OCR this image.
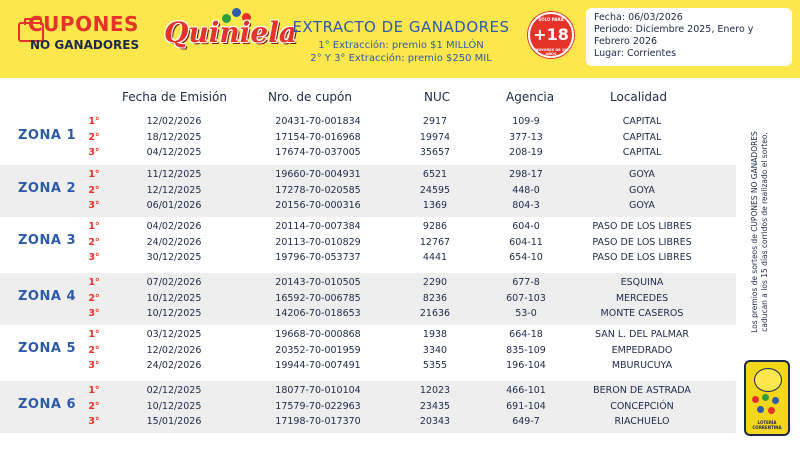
CUPONES
NO GANADORES Quiniela
EXTRACTO DE GANADORES
1° Extracción: premio $1 MILLÓN
2° Y 3° Extracción: premio $250 MIL
SÓLO PARA
+18
MAYORES DE 18 AÑOS
Fecha: 06/03/2026
Periodo: Diciembre 2025, Enero y
Febrero 2026
Lugar: Corrientes
Fecha de Emisión	Nro. de cupón	NUC	Agencia	Localidad
ZONA 1
1°	12/02/2026	20431-70-001834	2917	109-9	CAPITAL
2°	18/12/2025	17154-70-016968	19974	377-13	CAPITAL
3°	04/12/2025	17674-70-037005	35657	208-19	CAPITAL
ZONA 2
1°	11/12/2025	19660-70-004931	6521	298-17	GOYA
2°	12/12/2025	17278-70-020585	24595	448-0	GOYA
3°	06/01/2026	20156-70-000316	1369	804-3	GOYA
ZONA 3
1°	04/02/2026	20114-70-007384	9286	604-0	PASO DE LOS LIBRES
2°	24/02/2026	20113-70-010829	12767	604-11	PASO DE LOS LIBRES
3°	30/12/2025	19796-70-053737	4441	654-10	PASO DE LOS LIBRES
ZONA 4
1°	07/02/2026	20143-70-010505	2290	677-8	ESQUINA
2°	10/12/2025	16592-70-006785	8236	607-103	MERCEDES
3°	10/12/2025	14206-70-018653	21636	53-0	MONTE CASEROS
ZONA 5
1°	03/12/2025	19668-70-000868	1938	664-18	SAN L. DEL PALMAR
2°	12/02/2026	20352-70-001959	3340	835-109	EMPEDRADO
3°	24/02/2026	19944-70-007491	5355	196-104	MBURUCUYA
ZONA 6
1°	02/12/2025	18077-70-010104	12023	466-101	BERON DE ASTRADA
2°	10/12/2025	17579-70-022963	23435	691-104	CONCEPCIÓN
3°	15/01/2026	17198-70-017370	20343	649-7	RIACHUELO
Los premios de sorteos de CUPONES NO GANADORES caducan a los 15 días corridos de realizado el sorteo.
LOTERÍA CORRENTINA
